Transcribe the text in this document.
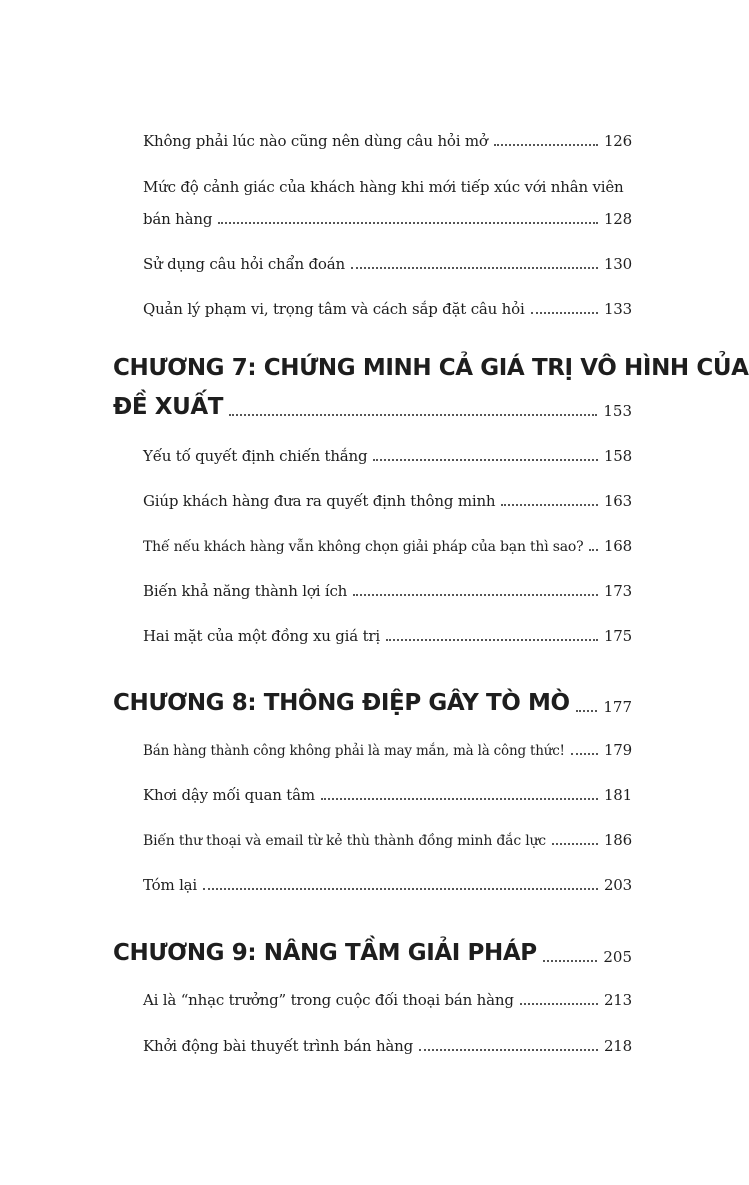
Không phải lúc nào cũng nên dùng câu hỏi mở	126
Mức độ cảnh giác của khách hàng khi mới tiếp xúc với nhân viên
bán hàng	128
Sử dụng câu hỏi chẩn đoán	130
Quản lý phạm vi, trọng tâm và cách sắp đặt câu hỏi	133
CHƯƠNG 7: CHỨNG MINH CẢ GIÁ TRỊ VÔ HÌNH CỦA
ĐỀ XUẤT	153
Yếu tố quyết định chiến thắng	158
Giúp khách hàng đưa ra quyết định thông minh	163
Thế nếu khách hàng vẫn không chọn giải pháp của bạn thì sao? 168
Biến khả năng thành lợi ích	173
Hai mặt của một đồng xu giá trị	175
CHƯƠNG 8: THÔNG ĐIỆP GÂY TÒ MÒ 177
Bán hàng thành công không phải là may mắn, mà là công thức!	179
Khơi dậy mối quan tâm	181
Biến thư thoại và email từ kẻ thù thành đồng minh đắc lực	186
Tóm lại	203
CHƯƠNG 9: NÂNG TẦM GIẢI PHÁP	205
Ai là “nhạc trưởng” trong cuộc đối thoại bán hàng	213
Khởi động bài thuyết trình bán hàng	218
